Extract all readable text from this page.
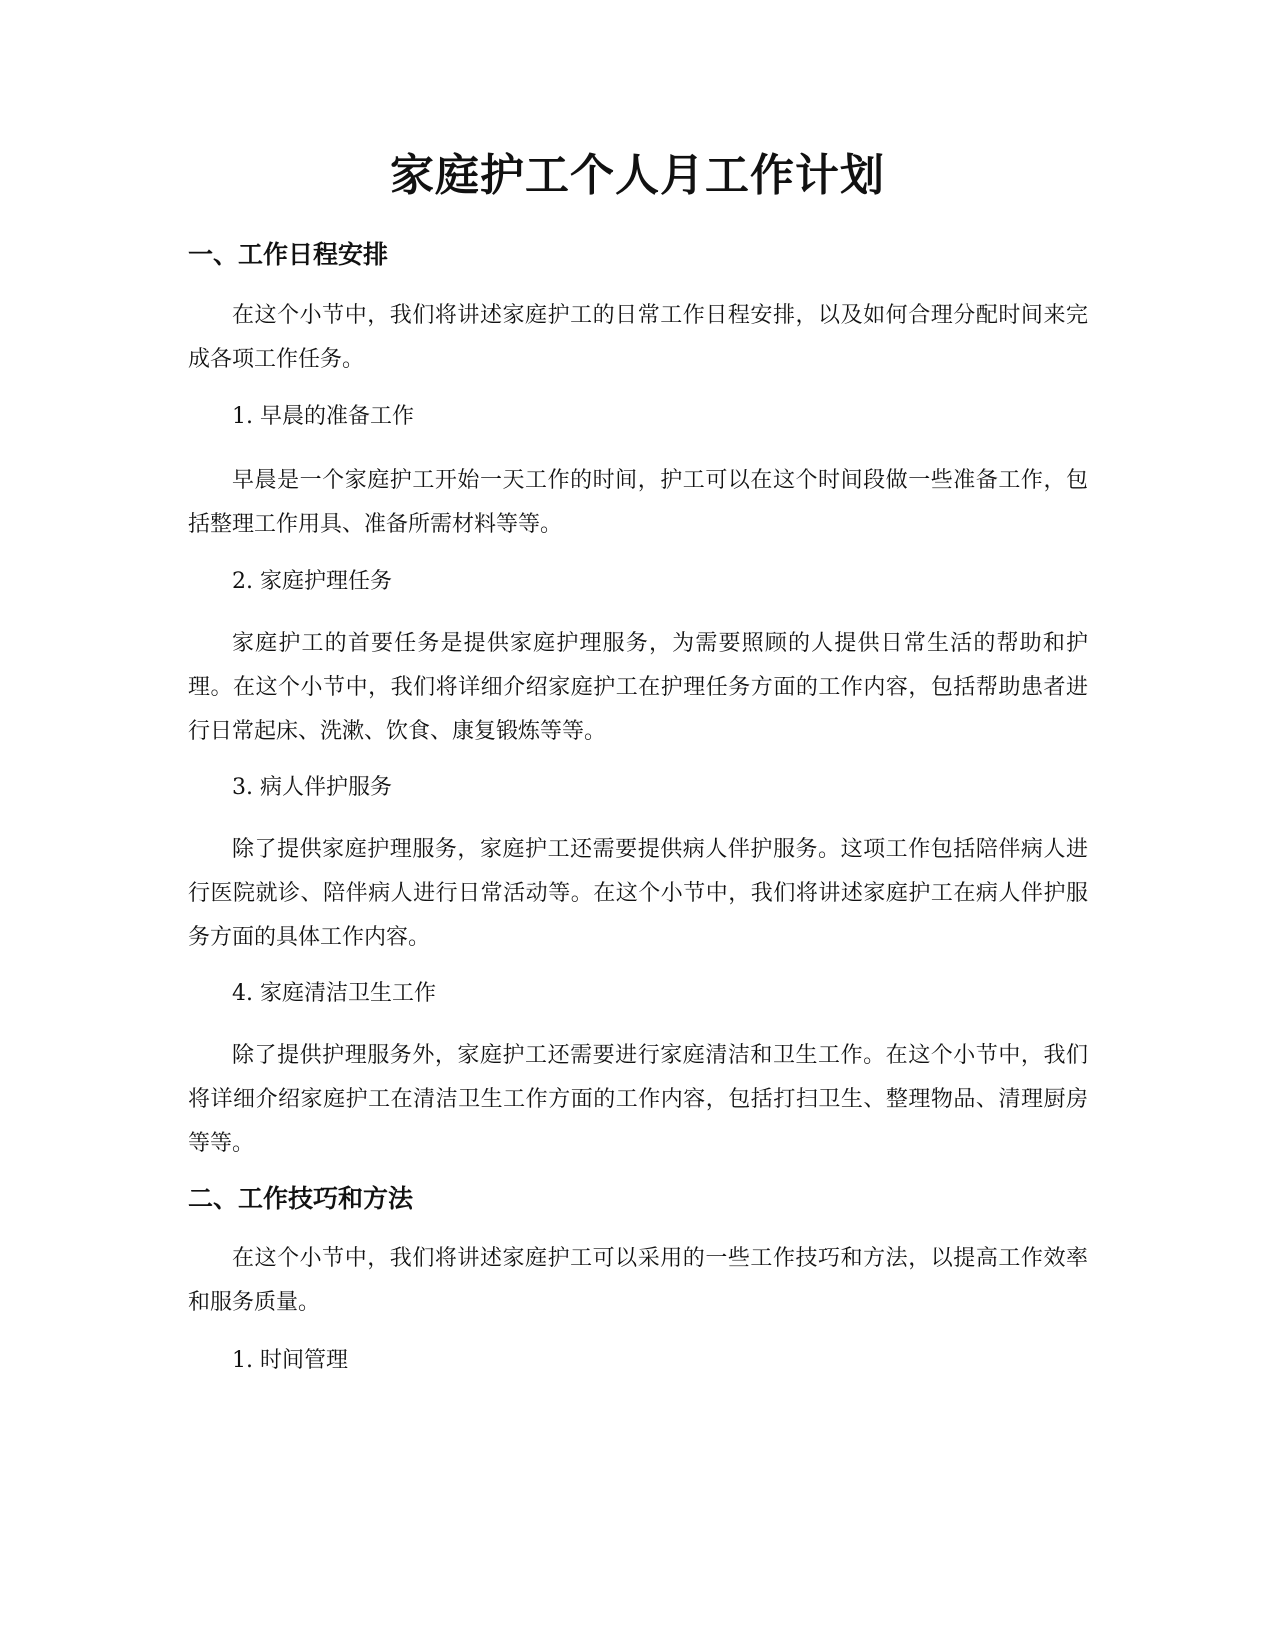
家庭护工个人月工作计划
一、工作日程安排

在这个小节中，我们将讲述家庭护工的日常工作日程安排，以及如何合理分配时间来完成各项工作任务。

1. 早晨的准备工作

早晨是一个家庭护工开始一天工作的时间，护工可以在这个时间段做一些准备工作，包括整理工作用具、准备所需材料等等。

2. 家庭护理任务

家庭护工的首要任务是提供家庭护理服务，为需要照顾的人提供日常生活的帮助和护理。在这个小节中，我们将详细介绍家庭护工在护理任务方面的工作内容，包括帮助患者进行日常起床、洗漱、饮食、康复锻炼等等。

3. 病人伴护服务

除了提供家庭护理服务，家庭护工还需要提供病人伴护服务。这项工作包括陪伴病人进行医院就诊、陪伴病人进行日常活动等。在这个小节中，我们将讲述家庭护工在病人伴护服务方面的具体工作内容。

4. 家庭清洁卫生工作

除了提供护理服务外，家庭护工还需要进行家庭清洁和卫生工作。在这个小节中，我们将详细介绍家庭护工在清洁卫生工作方面的工作内容，包括打扫卫生、整理物品、清理厨房等等。

二、工作技巧和方法

在这个小节中，我们将讲述家庭护工可以采用的一些工作技巧和方法，以提高工作效率和服务质量。

1. 时间管理
